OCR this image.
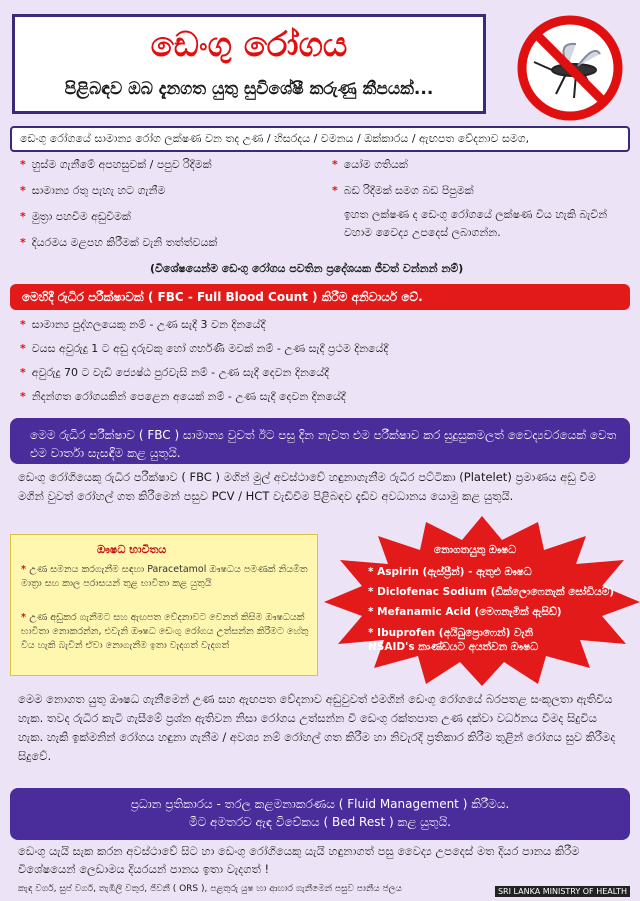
ඩෙංගු රෝගය
පිළිබඳව ඔබ දැනගත යුතු සුවිශේෂී කරුණු කීපයක්...
ඩෙංගු රෝගයේ සාමාන්‍ය රෝග ලක්ෂණ වන තද උණ / හිසරදය / වමනය / ඔක්කාරය / ඇඟපත වේදනාව සමග,
* හුස්ම ගැනීමේ අපහසුවක් / පපුව රිදීමක්
* සාමාන්‍ය රතු පැහැ හට ගැනීම
* මුත්‍රා පහවීම අඩුවීමක්
* දියරමය මළපහ කිරීමක් වැනි තත්ත්වයක්
* යෝම ගතියක්
* බඩ රිදීමක් සමග බඩ පිපුමක්
ඉහත ලක්ෂණ ද ඩෙංගු රෝගයේ ලක්ෂණ විය හැකි බැවින් වහාම වෛද්‍ය උපදෙස් ලබාගන්න.
(විශේෂයෙන්ම ඩෙංගු රෝගය පවතින ප්‍රදේශයක ජීවත් වන්නන් නම්)
මෙහිදී රුධිර පරීක්ෂාවක් ( FBC - Full Blood Count ) කිරීම අනිවාර්ය වේ.
* සාමාන්‍ය පුද්ගලයෙකු නම් - උණ සැදී 3 වන දිනයේදී
* වයස අවුරුදු 1 ට අඩු දරුවකු හෝ ගර්භණී මවක් නම් - උණ සැදී ප්‍රථම දිනයේදී
* අවුරුදු 70 ට වැඩි ජ්‍යෙෂ්ඨ පුරවැසි නම් - උණ සැදී දෙවන දිනයේදී
* නිදන්ගත රෝගයකින් පෙළෙන අයෙක් නම් - උණ සැදී දෙවන දිනයේදී
මෙම රුධිර පරීක්ෂාව ( FBC ) සාමාන්‍ය වුවත් ඊට පසු දින නැවත එම පරීක්ෂාව කර සුදුසුකමලත් වෛද්‍යවරයෙක් වෙත එම වාර්තා සැසඳීම කළ යුතුයි.
ඩෙංගු රෝගියෙකු රුධිර පරීක්ෂාව ( FBC ) මගින් මුල් අවස්ථාවේ හඳුනාගැනීම රුධිර පට්ටිකා (Platelet) ප්‍රමාණය අඩු වීම මගින් වුවත් රෝහල් ගත කිරීමෙන් පසුව PCV / HCT වැඩිවීම පිළිබඳව දැඩිව අවධානය යොමු කළ යුතුයි.
ඖෂධ භාවිතය
* උණ සමනය කරගැනීම සඳහා Paracetamol ඖෂධය පමණක් නියමිත මාත්‍රා සහ කාල පරාසයන් තුළ භාවිතා කළ යුතුයි
* උණ අඩුකර ගැනීමට සහ ඇඟපත වේදනාවට වෙනත් කිසිම ඖෂධයක් භාවිතා නොකරන්න, එවැනි ඖෂධ ඩෙංගු රෝගය උත්සන්න කිරීමට හේතු විය හැකි බැවින් ඒවා නොගැනීම ඉතා වැදගත් වැදගත්
නොගතයුතු ඖෂධ
* Aspirin (ඇස්ප්‍රීන්) - ඇතුළු ඖෂධ
* Diclofenac Sodium (ඩික්ලොෆෙනැක් සෝඩියම්)
* Mefanamic Acid (මෙෆනැමික් ඇසිඩ්)
* Ibuprofen (අයිබුප්‍රොෆෙන්) වැනි NSAID's කාණ්ඩයට අයත්වන ඖෂධ
මෙම නොගත යුතු ඖෂධ ගැනීමෙන් උණ සහ ඇඟපත වේදනාව අඩුවුවත් එමගින් ඩෙංගු රෝගයේ බරපතළ සංකූලතා ඇතිවිය හැක. තවද රුධිර කැටි ගැසීමේ ප්‍රශ්න ඇතිවන නිසා රෝගය උත්සන්න වී ඩෙංගු රක්තපාත උණ දක්වා වර්ධනය වීමද සිදුවිය හැක. හැකි ඉක්මනින් රෝගය හඳුනා ගැනීම / අවශ්‍ය නම් රෝහල් ගත කිරීම හා නිවැරදි ප්‍රතිකාර කිරීම තුළින් රෝගය සුව කිරීමද සිදුවේ.
ප්‍රධාන ප්‍රතිකාරය - තරල කළමනාකරණය ( Fluid Management ) කිරීමය.
මීට අමතරව ඇඳ විවේකය ( Bed Rest ) කළ යුතුයි.
ඩෙංගු යැයි සැක කරන අවස්ථාවේ සිට හා ඩෙංගු රෝගියෙකු යැයි හඳුනාගත් පසු වෛද්‍ය උපදෙස් මත දියර පානය කිරීම විශේෂයෙන් ලෙඩාමය දියරයන් පානය ඉතා වැදගත් !
කැඳ වර්ග, සුප් වර්ග, තැඹිලි වතුර, ජීවනී ( ORS ), පළතුරු යුෂ හා ආහාර ගැනීමෙන් පසුව පානීය ජලය	SRI LANKA MINISTRY OF HEALTH
